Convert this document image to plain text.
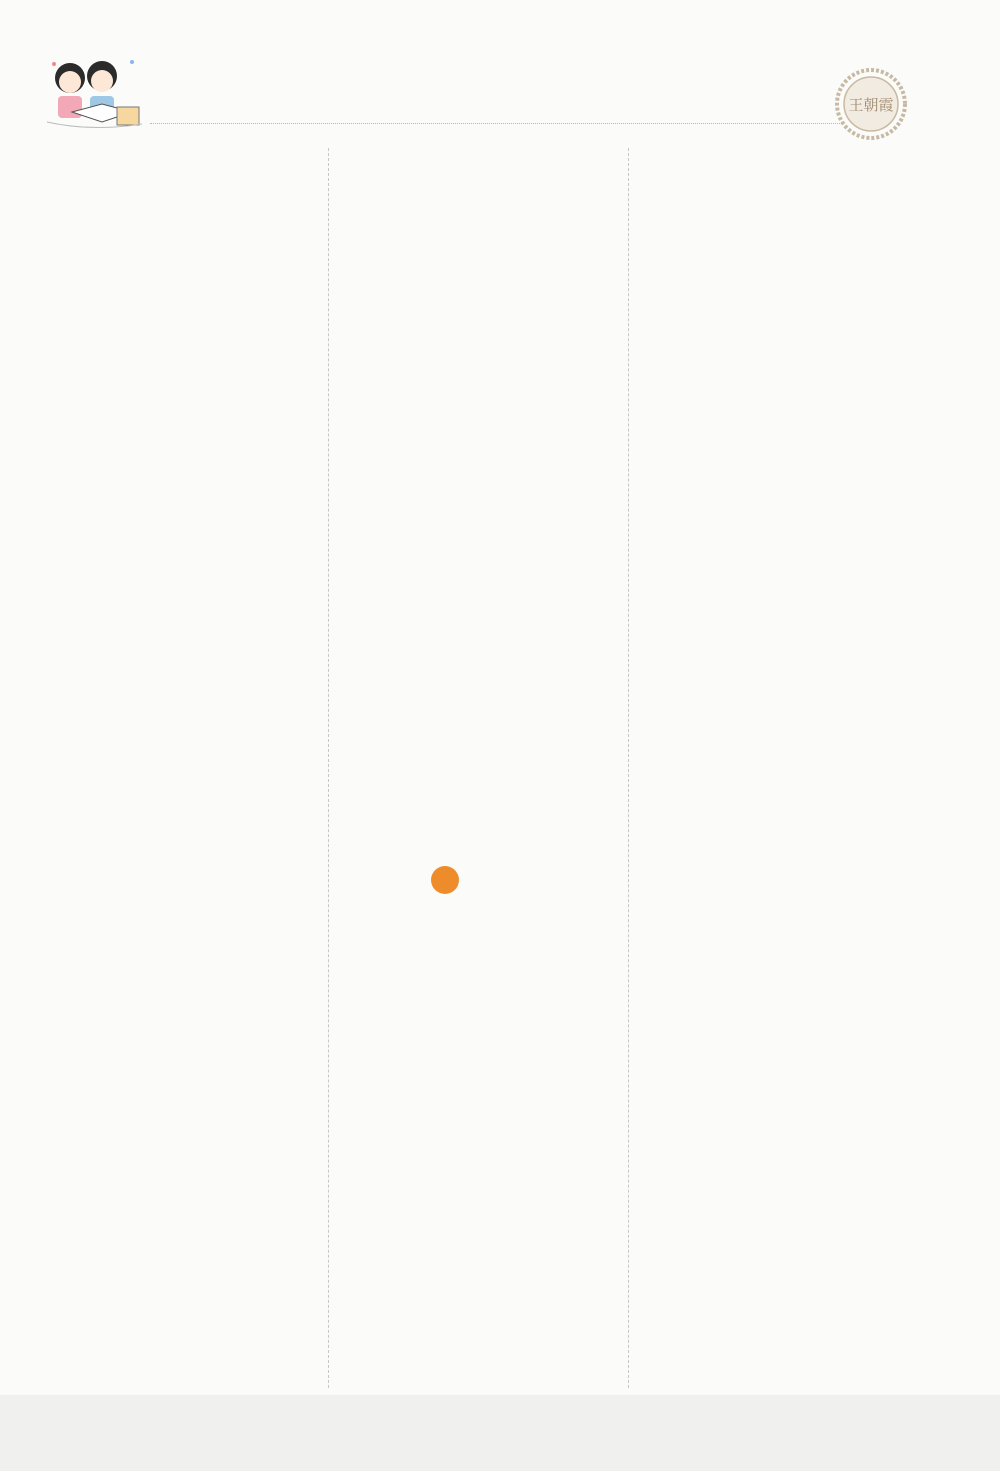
王朝霞
